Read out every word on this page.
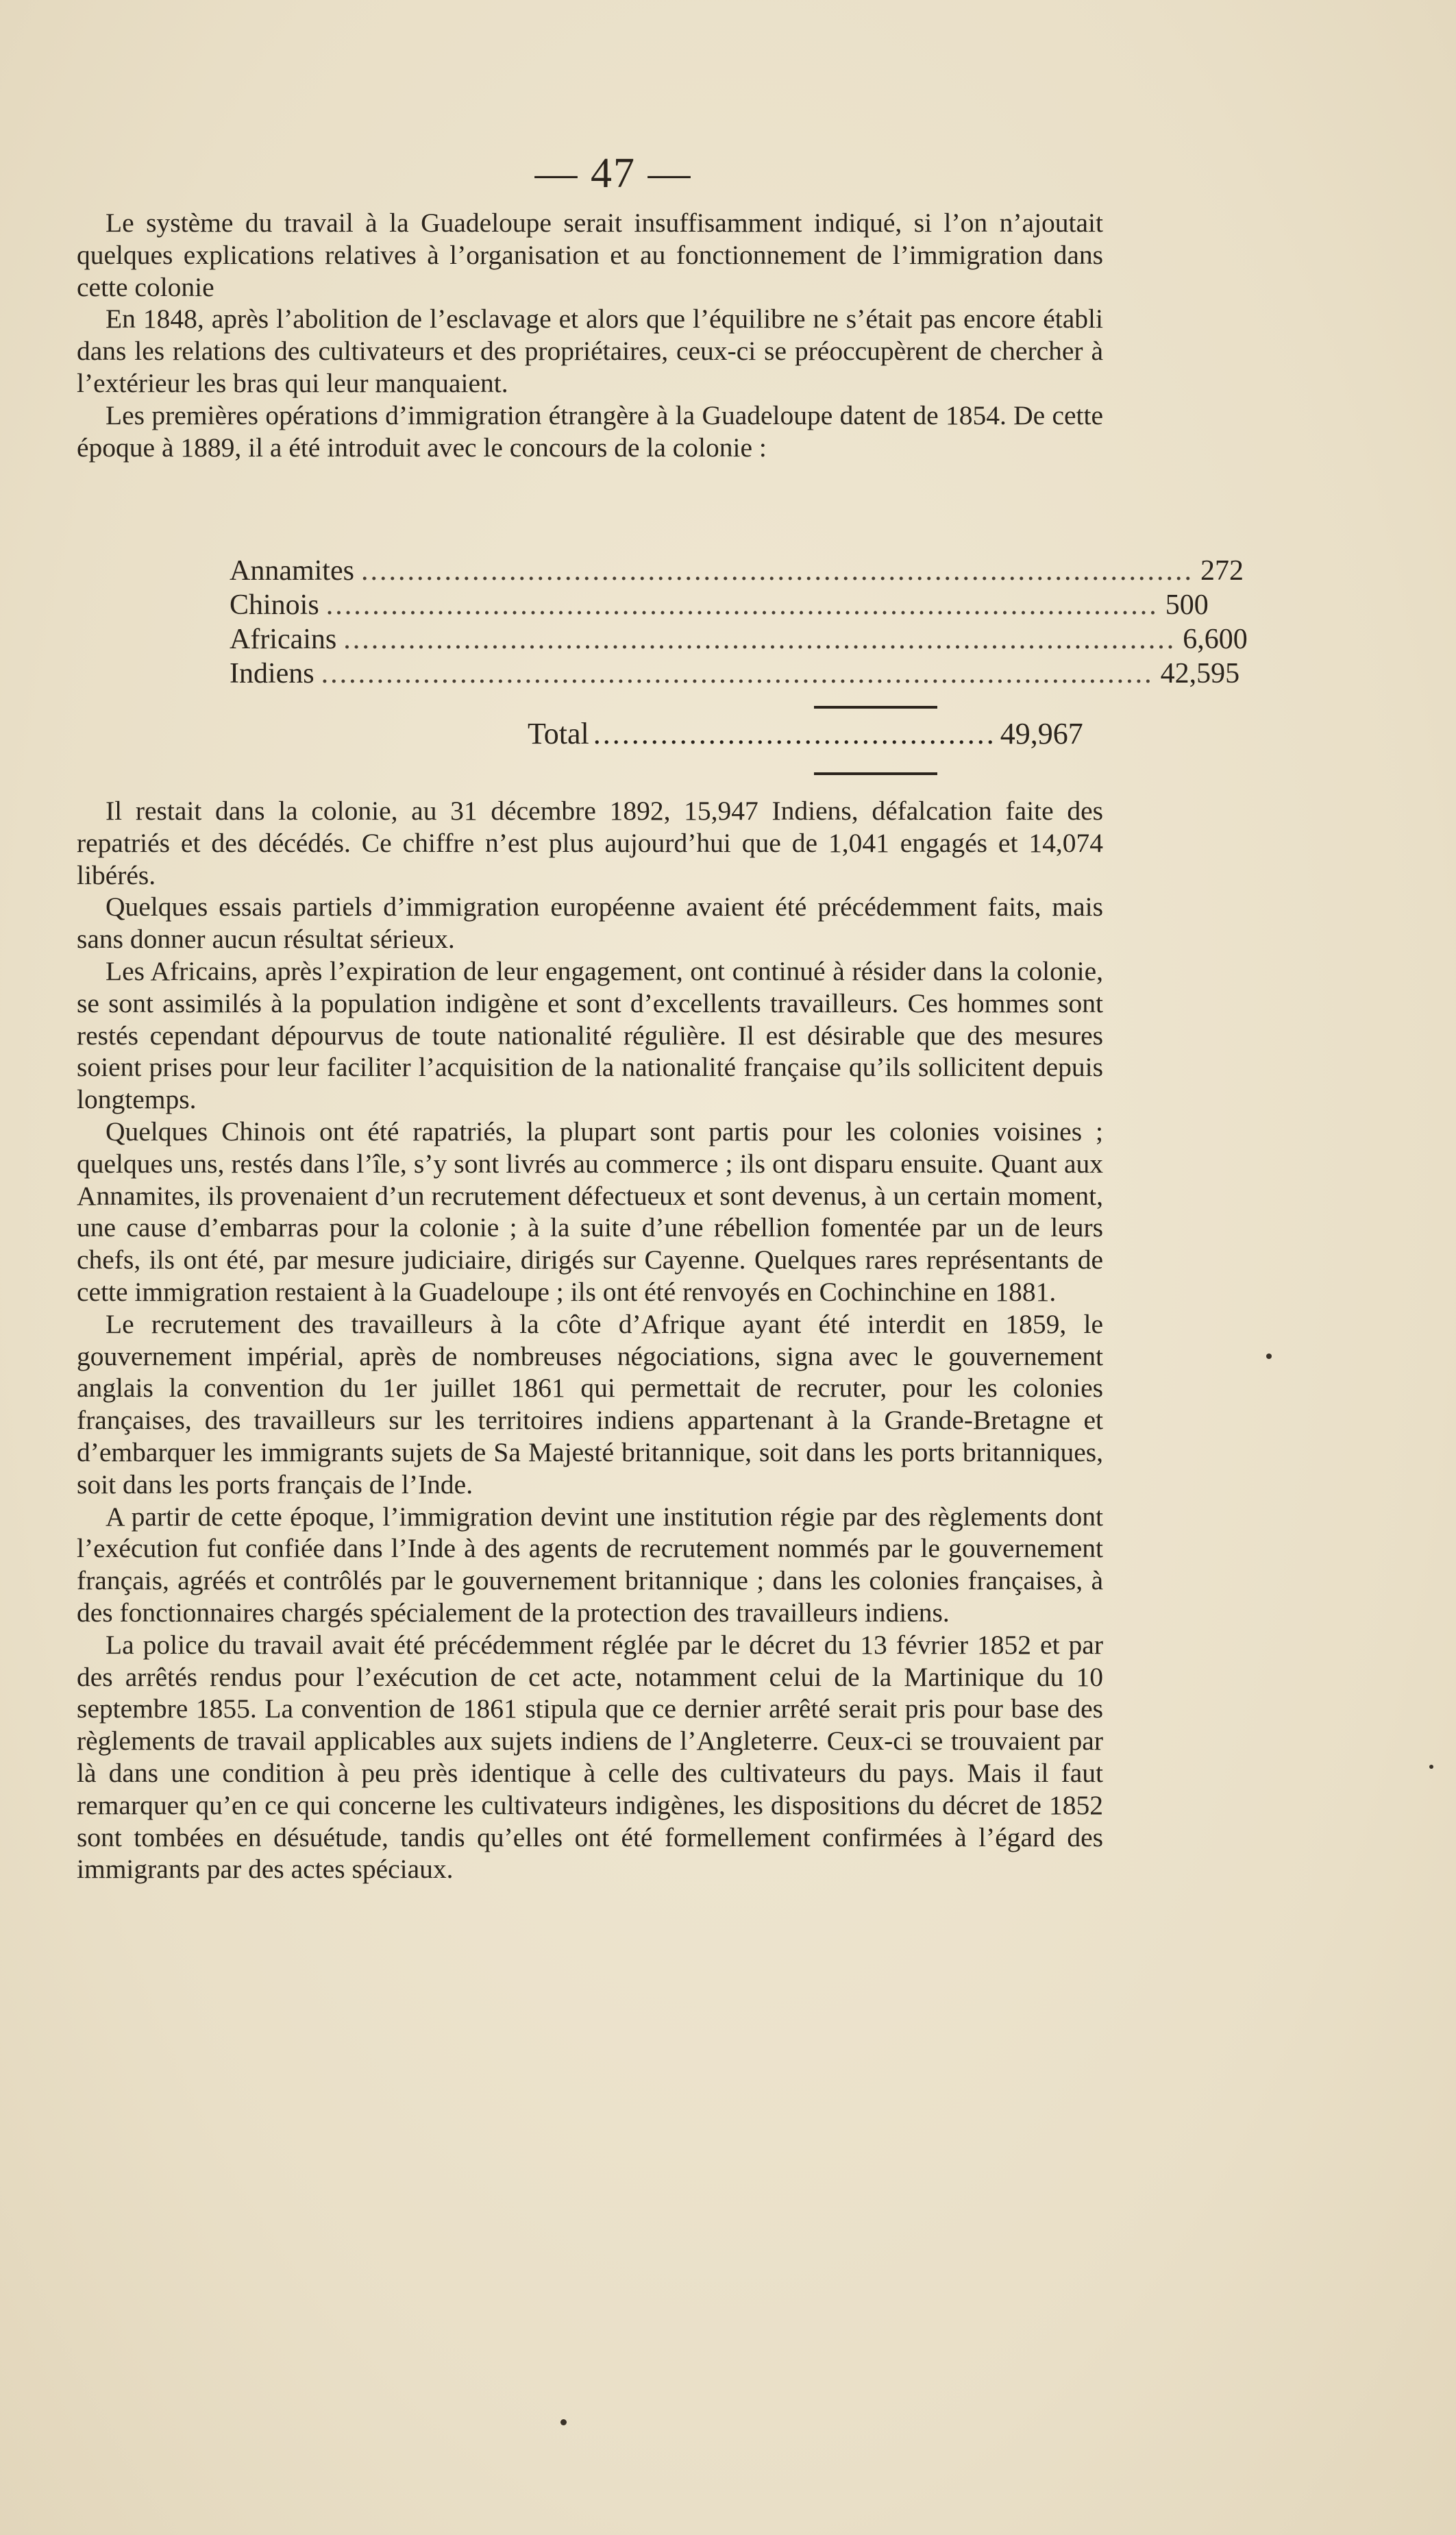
— 47 —

Le système du travail à la Guadeloupe serait insuffisamment indiqué, si l’on n’ajoutait quelques explications relatives à l’organisation et au fonctionnement de l’immigration dans cette colonie

En 1848, après l’abolition de l’esclavage et alors que l’équilibre ne s’était pas encore établi dans les relations des cultivateurs et des propriétaires, ceux-ci se préoccupèrent de chercher à l’extérieur les bras qui leur manquaient.

Les premières opérations d’immigration étrangère à la Guadeloupe datent de 1854. De cette époque à 1889, il a été introduit avec le concours de la colonie :

Annamites .......................................................................................... 272
Chinois .......................................................................................... 500
Africains .......................................................................................... 6,600
Indiens .......................................................................................... 42,595
Total .......................................... 49,967

Il restait dans la colonie, au 31 décembre 1892, 15,947 Indiens, défalcation faite des repatriés et des décédés. Ce chiffre n’est plus aujourd’hui que de 1,041 engagés et 14,074 libérés.

Quelques essais partiels d’immigration européenne avaient été précédemment faits, mais sans donner aucun résultat sérieux.

Les Africains, après l’expiration de leur engagement, ont continué à résider dans la colonie, se sont assimilés à la population indigène et sont d’excellents travailleurs. Ces hommes sont restés cependant dépourvus de toute nationalité régulière. Il est désirable que des mesures soient prises pour leur faciliter l’acquisition de la nationalité française qu’ils sollicitent depuis longtemps.

Quelques Chinois ont été rapatriés, la plupart sont partis pour les colonies voisines ; quelques uns, restés dans l’île, s’y sont livrés au commerce ; ils ont disparu ensuite. Quant aux Annamites, ils provenaient d’un recrutement défectueux et sont devenus, à un certain moment, une cause d’embarras pour la colonie ; à la suite d’une rébellion fomentée par un de leurs chefs, ils ont été, par mesure judiciaire, dirigés sur Cayenne. Quelques rares représentants de cette immigration restaient à la Guadeloupe ; ils ont été renvoyés en Cochinchine en 1881.

Le recrutement des travailleurs à la côte d’Afrique ayant été interdit en 1859, le gouvernement impérial, après de nombreuses négociations, signa avec le gouvernement anglais la convention du 1er juillet 1861 qui permettait de recruter, pour les colonies françaises, des travailleurs sur les territoires indiens appartenant à la Grande-Bretagne et d’embarquer les immigrants sujets de Sa Majesté britannique, soit dans les ports britanniques, soit dans les ports français de l’Inde.

A partir de cette époque, l’immigration devint une institution régie par des règlements dont l’exécution fut confiée dans l’Inde à des agents de recrutement nommés par le gouvernement français, agréés et contrôlés par le gouvernement britannique ; dans les colonies françaises, à des fonctionnaires chargés spécialement de la protection des travailleurs indiens.

La police du travail avait été précédemment réglée par le décret du 13 février 1852 et par des arrêtés rendus pour l’exécution de cet acte, notamment celui de la Martinique du 10 septembre 1855. La convention de 1861 stipula que ce dernier arrêté serait pris pour base des règlements de travail applicables aux sujets indiens de l’Angleterre. Ceux-ci se trouvaient par là dans une condition à peu près identique à celle des cultivateurs du pays. Mais il faut remarquer qu’en ce qui concerne les cultivateurs indigènes, les dispositions du décret de 1852 sont tombées en désuétude, tandis qu’elles ont été formellement confirmées à l’égard des immigrants par des actes spéciaux.
